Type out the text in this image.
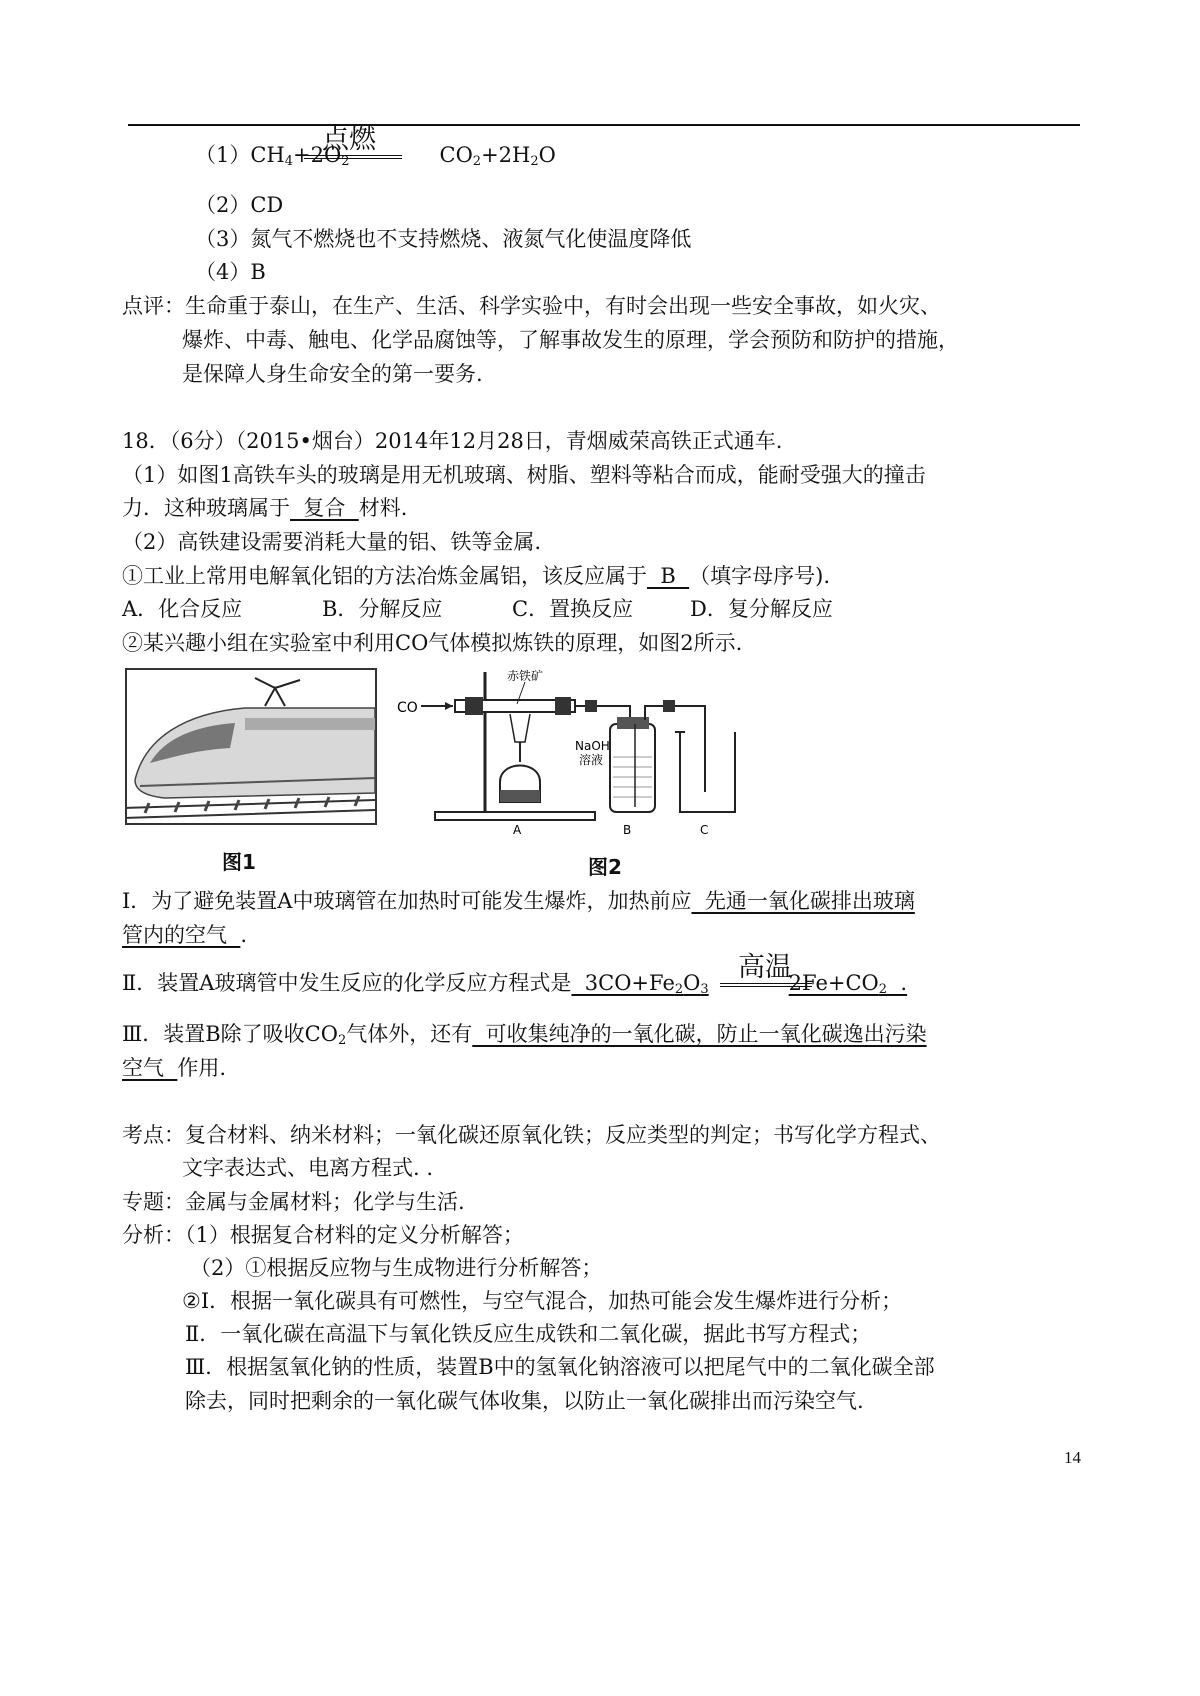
$(1)CH_4+2O_2$	$CO_2+2H_2O$
点燃
（2）CD
（3）氮气不燃烧也不支持燃烧、液氮气化使温度降低
（4）B
点评：生命重于泰山，在生产、生活、科学实验中，有时会出现一些安全事故，如火灾、
爆炸、中毒、触电、化学品腐蚀等，了解事故发生的原理，学会预防和防护的措施，
是保障人身生命安全的第一要务.
18．（6分）（2015•烟台）2014年12月28日，青烟威荣高铁正式通车.
（1）如图1高铁车头的玻璃是用无机玻璃、树脂、塑料等粘合而成，能耐受强大的撞击
力．这种玻璃属于  复合  材料.
（2）高铁建设需要消耗大量的铝、铁等金属.
①工业上常用电解氧化铝的方法冶炼金属铝，该反应属于  B  （填字母序号).
A．化合反应	B．分解反应	C．置换反应	D．复分解反应
②某兴趣小组在实验室中利用CO气体模拟炼铁的原理，如图2所示.
图1
CO
赤铁矿
NaOH
溶液
A	B	C
图2
Ⅰ．为了避免装置A中玻璃管在加热时可能发生爆炸，加热前应  先通一氧化碳排出玻璃
管内的空气  .
Ⅱ．装置A玻璃管中发生反应的化学反应方程式是  $3CO+Fe_2O_3$	$2Fe+CO_2$  .
高温
Ⅲ．装置B除了吸收$CO_2$气体外，还有  可收集纯净的一氧化碳，防止一氧化碳逸出污染
空气  作用.
考点：复合材料、纳米材料；一氧化碳还原氧化铁；反应类型的判定；书写化学方程式、
文字表达式、电离方程式. .
专题：金属与金属材料；化学与生活.
分析：（1）根据复合材料的定义分析解答；
（2）①根据反应物与生成物进行分析解答；
②Ⅰ．根据一氧化碳具有可燃性，与空气混合，加热可能会发生爆炸进行分析；
Ⅱ．一氧化碳在高温下与氧化铁反应生成铁和二氧化碳，据此书写方程式；
Ⅲ．根据氢氧化钠的性质，装置B中的氢氧化钠溶液可以把尾气中的二氧化碳全部
除去，同时把剩余的一氧化碳气体收集，以防止一氧化碳排出而污染空气.
14
